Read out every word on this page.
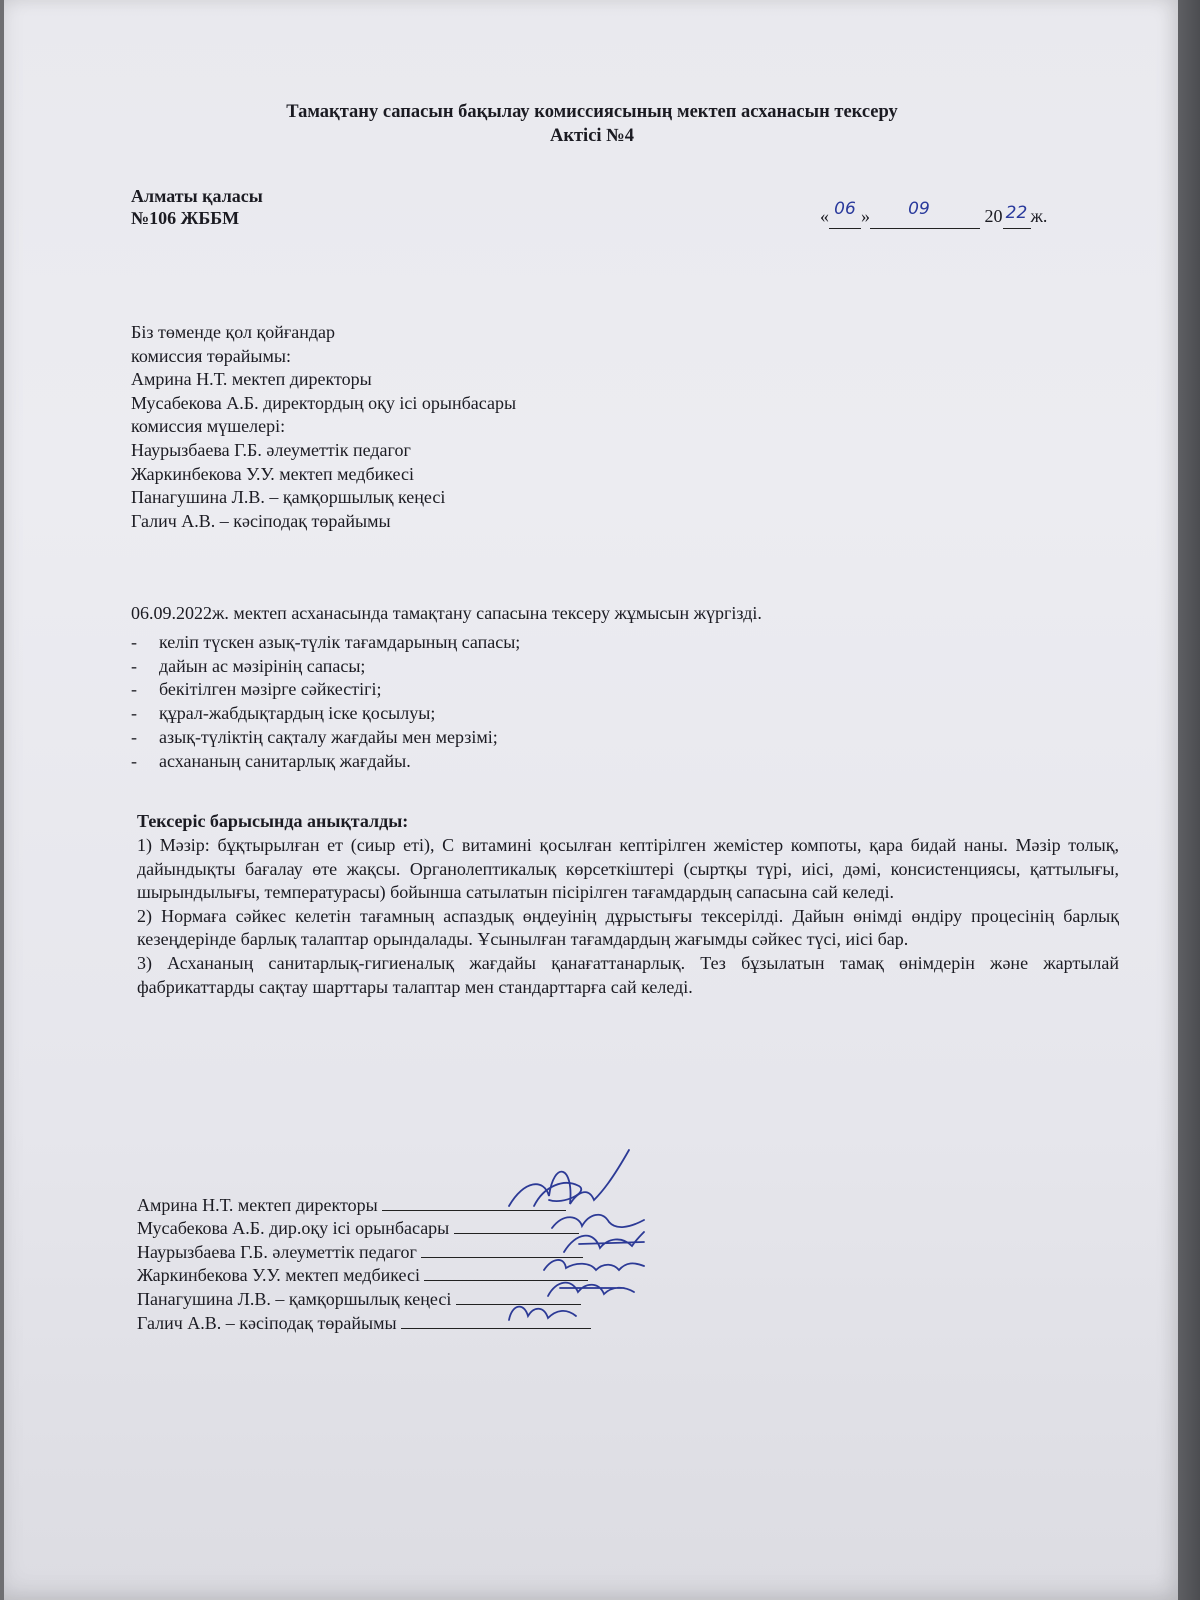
Тамақтану сапасын бақылау комиссиясының мектеп асханасын тексеру
Актісі №4
Алматы қаласы
№106 ЖББМ	« 06 » 09	20 22 ж.
Біз төменде қол қойғандар
комиссия төрайымы:
Амрина Н.Т. мектеп директоры
Мусабекова А.Б. директордың оқу ісі орынбасары
комиссия мүшелері:
Наурызбаева Г.Б. әлеуметтік педагог
Жаркинбекова У.У. мектеп медбикесі
Панагушина Л.В. – қамқоршылық кеңесі
Галич А.В. – кәсіподақ төрайымы
06.09.2022ж. мектеп асханасында тамақтану сапасына тексеру жұмысын жүргізді.
- келіп түскен азық-түлік тағамдарының сапасы;
- дайын ас мәзірінің сапасы;
- бекітілген мәзірге сәйкестігі;
- құрал-жабдықтардың іске қосылуы;
- азық-түліктің сақталу жағдайы мен мерзімі;
- асхананың санитарлық жағдайы.
Тексеріс барысында анықталды:

1) Мәзір: бұқтырылған ет (сиыр еті), С витамині қосылған кептірілген жемістер компоты, қара бидай наны. Мәзір толық, дайындықты бағалау өте жақсы. Органолептикалық көрсеткіштері (сыртқы түрі, иісі, дәмі, консистенциясы, қаттылығы, шырындылығы, температурасы) бойынша сатылатын пісірілген тағамдардың сапасына сай келеді.

2) Нормаға сәйкес келетін тағамның аспаздық өңдеуінің дұрыстығы тексерілді. Дайын өнімді өндіру процесінің барлық кезеңдерінде барлық талаптар орындалады. Ұсынылған тағамдардың жағымды сәйкес түсі, иісі бар.

3) Асхананың санитарлық-гигиеналық жағдайы қанағаттанарлық. Тез бұзылатын тамақ өнімдерін және жартылай фабрикаттарды сақтау шарттары талаптар мен стандарттарға сай келеді.

Амрина Н.Т. мектеп директоры
Мусабекова А.Б. дир.оқу ісі орынбасары
Наурызбаева Г.Б. әлеуметтік педагог
Жаркинбекова У.У. мектеп медбикесі
Панагушина Л.В. – қамқоршылық кеңесі
Галич А.В. – кәсіподақ төрайымы
